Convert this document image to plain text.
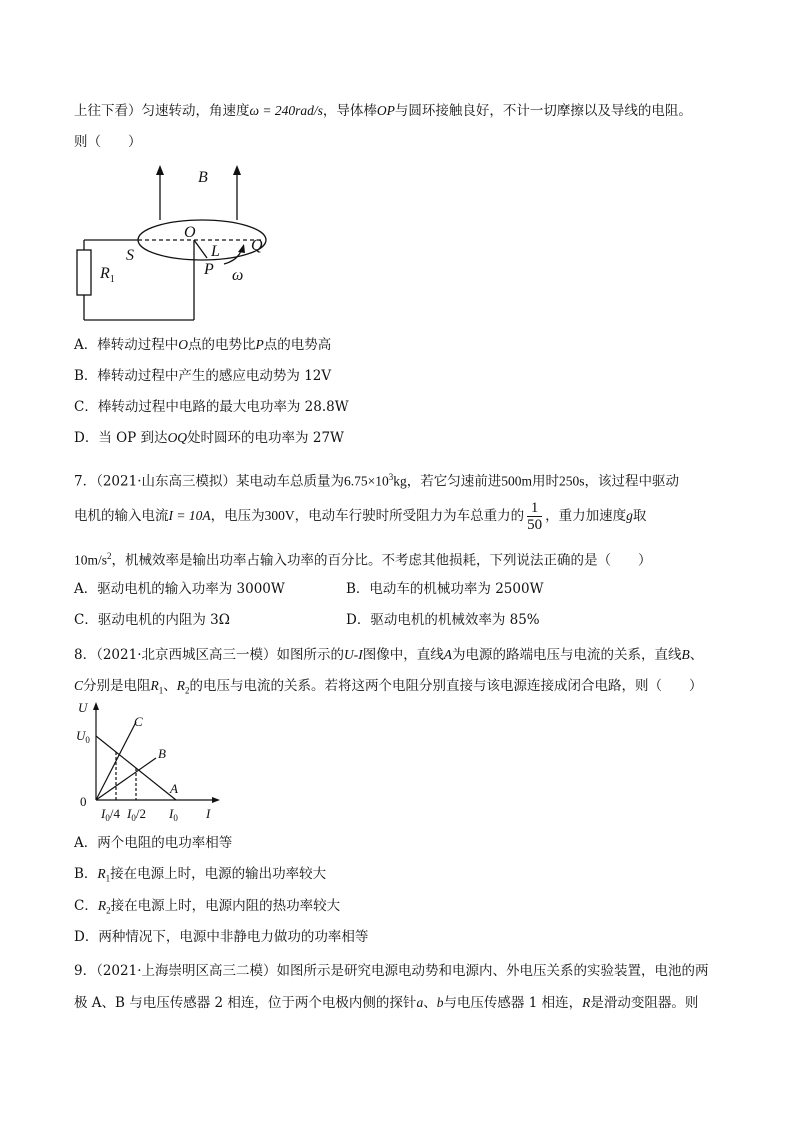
上往下看）匀速转动，角速度ω = 240rad/s，导体棒OP与圆环接触良好，不计一切摩擦以及导线的电阻。
则（　　）
B
S
O
L Q
P ω
$R_1$
A．棒转动过程中O点的电势比P点的电势高
B．棒转动过程中产生的感应电动势为 12V
C．棒转动过程中电路的最大电功率为 28.8W
D．当 OP 到达OQ处时圆环的电功率为 27W
7．（2021·山东高三模拟）某电动车总质量为$6.75\times 10^3kg$，若它匀速前进500m用时250s，该过程中驱动
电机的输入电流I = 10A，电压为300V，电动车行驶时所受阻力为车总重力的 $\frac{1}{50}$ ，重力加速度g取
$10m/s^2$，机械效率是输出功率占输入功率的百分比。不考虑其他损耗，下列说法正确的是（　　）
A．驱动电机的输入功率为 3000W	B．电动车的机械功率为 2500W
C．驱动电机的内阻为 3Ω	D．驱动电机的机械效率为 85%
8．（2021·北京西城区高三一模）如图所示的U-I图像中，直线A为电源的路端电压与电流的关系，直线B、
C分别是电阻$R_1$、$R_2$的电压与电流的关系。若将这两个电阻分别直接与该电源连接成闭合电路，则（　　）
U
$U_0$
0
$I_0/4$ $I_0/2$ $I_0$ I
C
B
A
A．两个电阻的电功率相等
B．$R_1$接在电源上时，电源的输出功率较大
C．$R_2$接在电源上时，电源内阻的热功率较大
D．两种情况下，电源中非静电力做功的功率相等
9．（2021·上海崇明区高三二模）如图所示是研究电源电动势和电源内、外电压关系的实验装置，电池的两
极 A、B 与电压传感器 2 相连，位于两个电极内侧的探针a、b与电压传感器 1 相连，R是滑动变阻器。则
